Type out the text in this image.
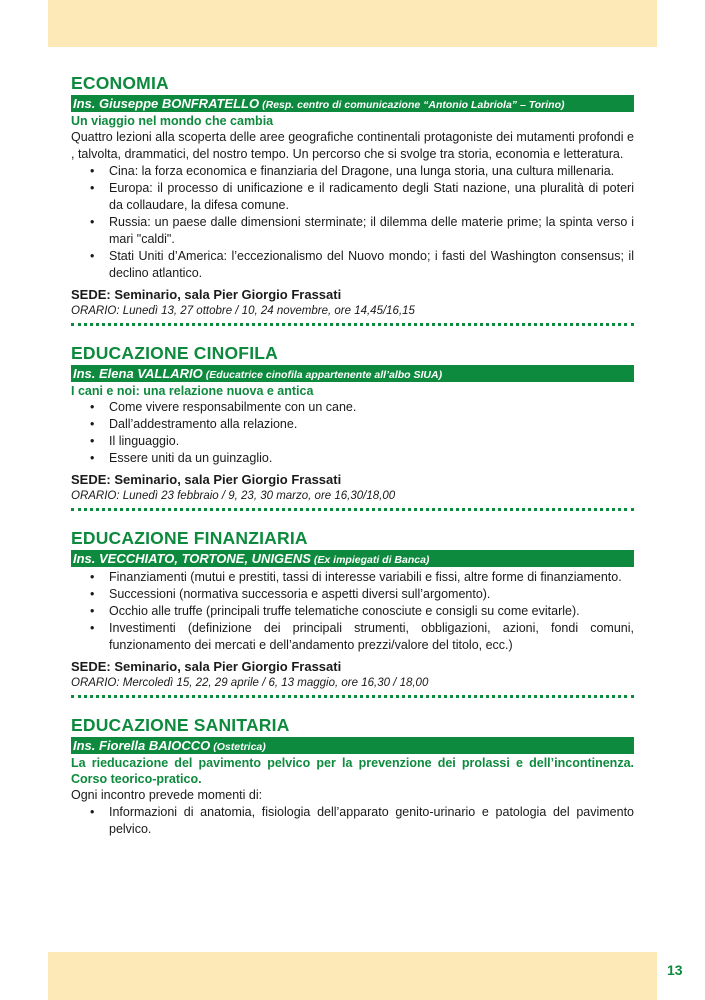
ECONOMIA
Ins. Giuseppe BONFRATELLO (Resp. centro di comunicazione “Antonio Labriola” – Torino)
Un viaggio nel mondo che cambia
Quattro lezioni alla scoperta delle aree geografiche continentali protagoniste dei mutamenti profondi e , talvolta, drammatici, del nostro tempo. Un percorso che si svolge tra storia, economia e letteratura.
• Cina: la forza economica e finanziaria del Dragone, una lunga storia, una cultura millenaria.
• Europa: il processo di unificazione e il radicamento degli Stati nazione, una pluralità di poteri da collaudare, la difesa comune.
• Russia: un paese dalle dimensioni sterminate; il dilemma delle materie prime; la spinta verso i mari "caldi".
• Stati Uniti d’America: l’eccezionalismo del Nuovo mondo; i fasti del Washington consensus; il declino atlantico.
SEDE: Seminario, sala Pier Giorgio Frassati
ORARIO: Lunedì 13, 27 ottobre / 10, 24 novembre, ore 14,45/16,15
EDUCAZIONE CINOFILA
Ins. Elena VALLARIO (Educatrice cinofila appartenente all’albo SIUA)
I cani e noi: una relazione nuova e antica
• Come vivere responsabilmente con un cane.
• Dall’addestramento alla relazione.
• Il linguaggio.
• Essere uniti da un guinzaglio.
SEDE: Seminario, sala Pier Giorgio Frassati
ORARIO: Lunedì 23 febbraio / 9, 23, 30 marzo, ore 16,30/18,00
EDUCAZIONE FINANZIARIA
Ins. VECCHIATO, TORTONE, UNIGENS (Ex impiegati di Banca)
• Finanziamenti (mutui e prestiti, tassi di interesse variabili e fissi, altre forme di finanziamento.
• Successioni (normativa successoria e aspetti diversi sull’argomento).
• Occhio alle truffe (principali truffe telematiche conosciute e consigli su come evitarle).
• Investimenti (definizione dei principali strumenti, obbligazioni, azioni, fondi comuni, funzionamento dei mercati e dell’andamento prezzi/valore del titolo, ecc.)
SEDE: Seminario, sala Pier Giorgio Frassati
ORARIO: Mercoledì 15, 22, 29 aprile / 6, 13 maggio, ore 16,30 / 18,00
EDUCAZIONE SANITARIA
Ins. Fiorella BAIOCCO (Ostetrica)
La rieducazione del pavimento pelvico per la prevenzione dei prolassi e dell’incontinenza. Corso teorico-pratico.
Ogni incontro prevede momenti di:
• Informazioni di anatomia, fisiologia dell’apparato genito-urinario e patologia del pavimento pelvico.
13
